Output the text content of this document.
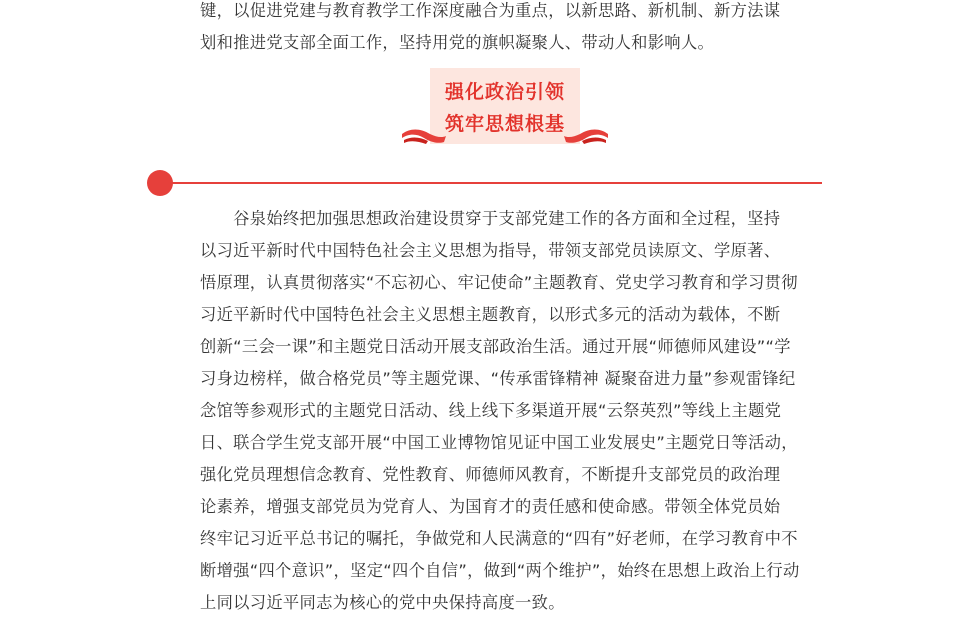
键，以促进党建与教育教学工作深度融合为重点，以新思路、新机制、新方法谋
划和推进党支部全面工作，坚持用党的旗帜凝聚人、带动人和影响人。

强化政治引领
筑牢思想根基
　　谷泉始终把加强思想政治建设贯穿于支部党建工作的各方面和全过程，坚持
以习近平新时代中国特色社会主义思想为指导，带领支部党员读原文、学原著、
悟原理，认真贯彻落实“不忘初心、牢记使命”主题教育、党史学习教育和学习贯彻
习近平新时代中国特色社会主义思想主题教育，以形式多元的活动为载体，不断
创新“三会一课”和主题党日活动开展支部政治生活。通过开展“师德师风建设”“学
习身边榜样，做合格党员”等主题党课、“传承雷锋精神 凝聚奋进力量”参观雷锋纪
念馆等参观形式的主题党日活动、线上线下多渠道开展“云祭英烈”等线上主题党
日、联合学生党支部开展“中国工业博物馆见证中国工业发展史”主题党日等活动，
强化党员理想信念教育、党性教育、师德师风教育，不断提升支部党员的政治理
论素养，增强支部党员为党育人、为国育才的责任感和使命感。带领全体党员始
终牢记习近平总书记的嘱托，争做党和人民满意的“四有”好老师，在学习教育中不
断增强“四个意识”，坚定“四个自信”，做到“两个维护”，始终在思想上政治上行动
上同以习近平同志为核心的党中央保持高度一致。
